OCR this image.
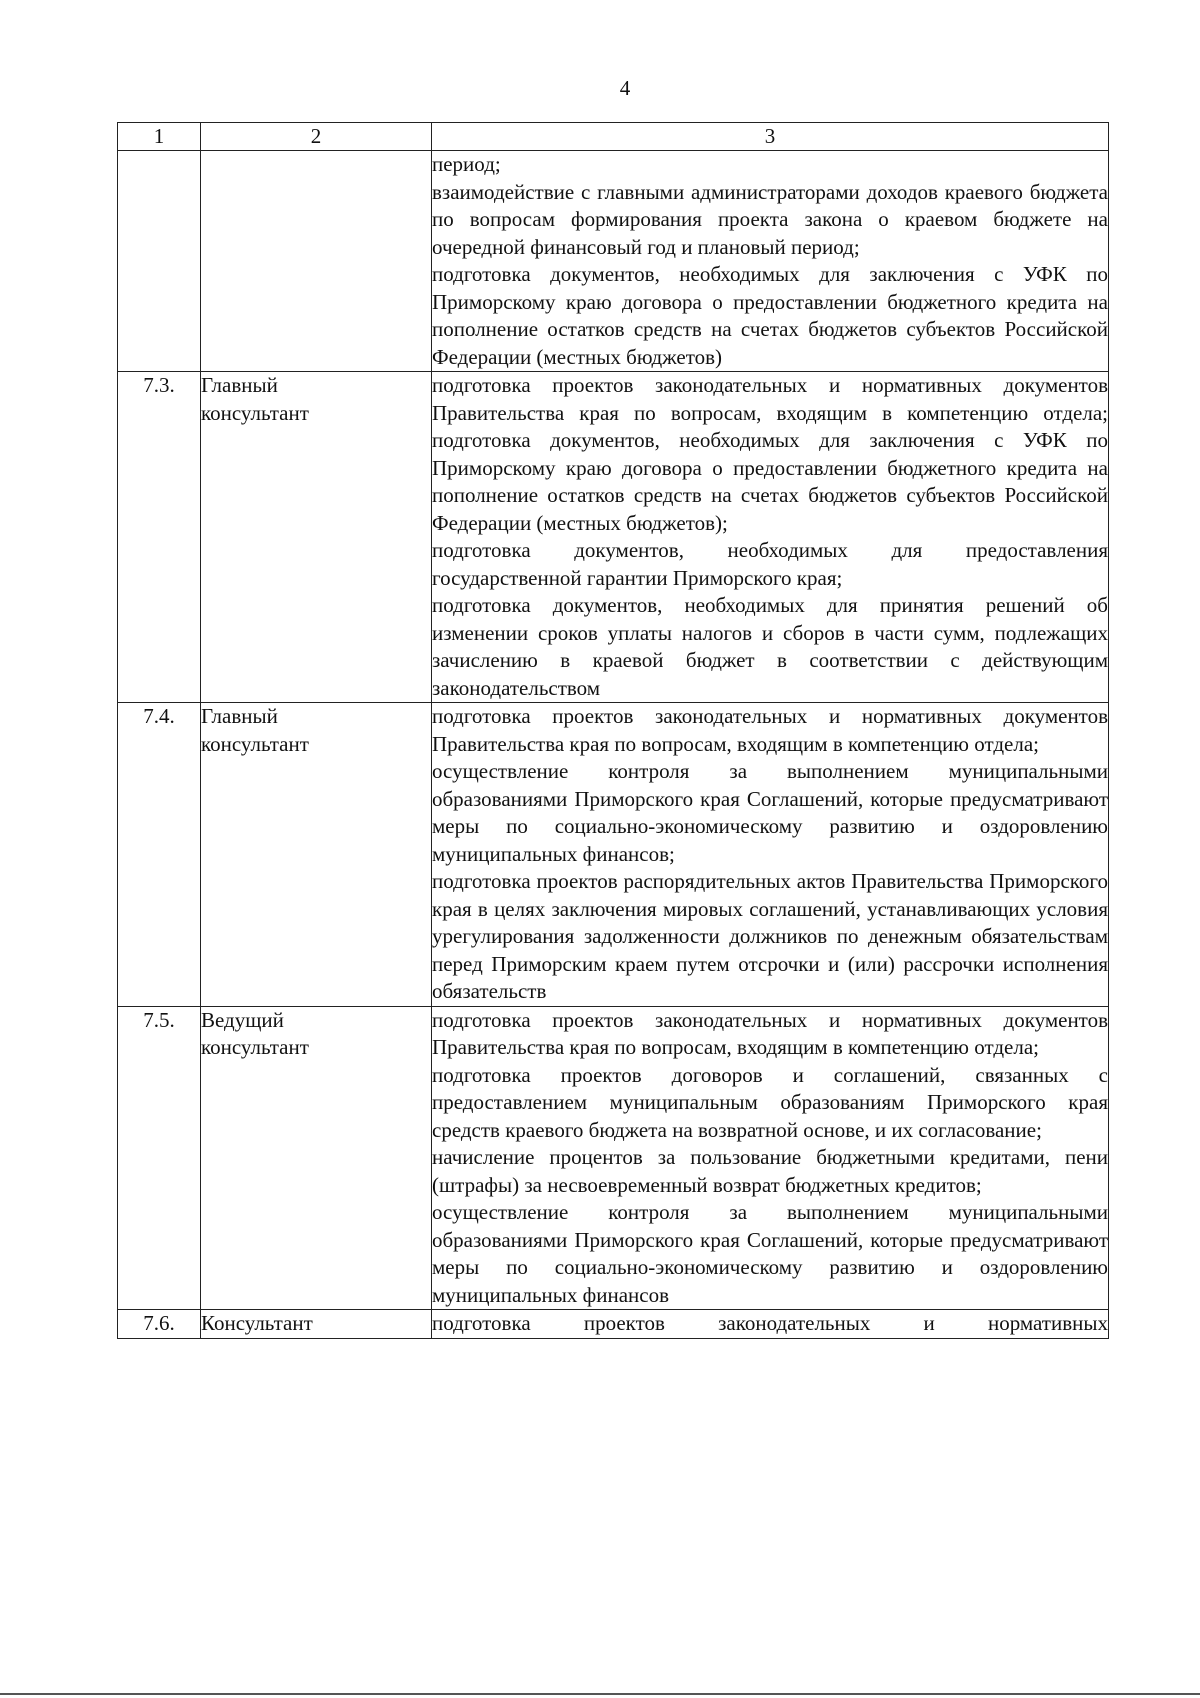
4
1	2	3

		период;
взаимодействие с главными администраторами доходов краевого бюджета по вопросам формирования проекта закона о краевом бюджете на очередной финансовый год и плановый период;
подготовка документов, необходимых для заключения с УФК по Приморскому краю договора о предоставлении бюджетного кредита на пополнение остатков средств на счетах бюджетов субъектов Российской Федерации (местных бюджетов)

7.3.	Главный консультант	подготовка проектов законодательных и нормативных документов Правительства края по вопросам, входящим в компетенцию отдела; подготовка документов, необходимых для заключения с УФК по Приморскому краю договора о предоставлении бюджетного кредита на пополнение остатков средств на счетах бюджетов субъектов Российской Федерации (местных бюджетов);
подготовка документов, необходимых для предоставления государственной гарантии Приморского края;
подготовка документов, необходимых для принятия решений об изменении сроков уплаты налогов и сборов в части сумм, подлежащих зачислению в краевой бюджет в соответствии с действующим законодательством

7.4.	Главный консультант	подготовка проектов законодательных и нормативных документов Правительства края по вопросам, входящим в компетенцию отдела;
осуществление контроля за выполнением муниципальными образованиями Приморского края Соглашений, которые предусматривают меры по социально-экономическому развитию и оздоровлению муниципальных финансов;
подготовка проектов распорядительных актов Правительства Приморского края в целях заключения мировых соглашений, устанавливающих условия урегулирования задолженности должников по денежным обязательствам перед Приморским краем путем отсрочки и (или) рассрочки исполнения обязательств

7.5.	Ведущий консультант	подготовка проектов законодательных и нормативных документов Правительства края по вопросам, входящим в компетенцию отдела;
подготовка проектов договоров и соглашений, связанных с предоставлением муниципальным образованиям Приморского края средств краевого бюджета на возвратной основе, и их согласование;
начисление процентов за пользование бюджетными кредитами, пени (штрафы) за несвоевременный возврат бюджетных кредитов;
осуществление контроля за выполнением муниципальными образованиями Приморского края Соглашений, которые предусматривают меры по социально-экономическому развитию и оздоровлению муниципальных финансов

7.6.	Консультант	подготовка проектов законодательных и нормативных
